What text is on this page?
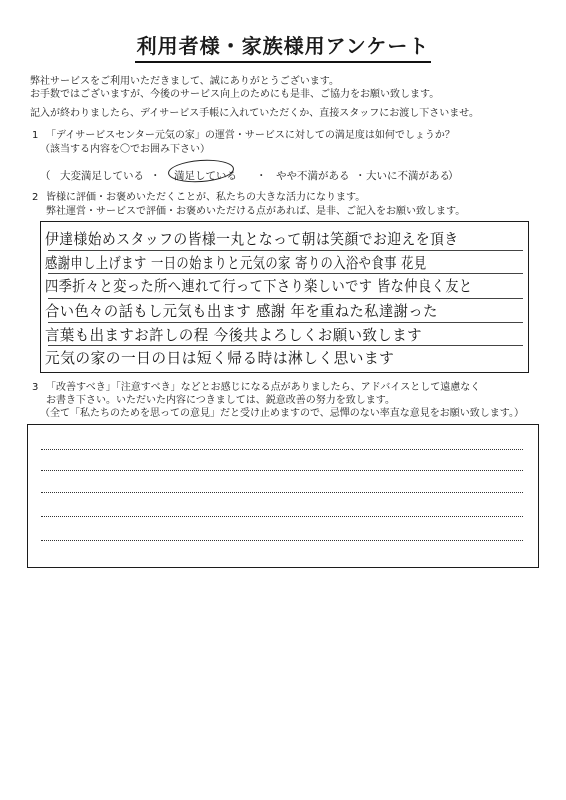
利用者様・家族様用アンケート
弊社サービスをご利用いただきまして、誠にありがとうございます。
お手数ではございますが、今後のサービス向上のためにも是非、ご協力をお願い致します。
記入が終わりましたら、デイサービス手帳に入れていただくか、直接スタッフにお渡し下さいませ。
1 「デイサービスセンター元気の家」の運営・サービスに対しての満足度は如何でしょうか？
（該当する内容を〇でお囲み下さい）
（ 大変満足している ・ 満足している ・ やや不満がある ・ 大いに不満がある
）
2 皆様に評価・お褒めいただくことが、私たちの大きな活力になります。
弊社運営・サービスで評価・お褒めいただける点があれば、是非、ご記入をお願い致します。
伊達様始めスタッフの皆様一丸となって朝は笑顔でお迎えを頂き
感謝申し上げます 一日の始まりと元気の家 寄りの入浴や食事 花見
四季折々と変った所へ連れて行って下さり楽しいです 皆な仲良く友と
合い色々の話もし元気も出ます 感謝 年を重ねた私達謝った
言葉も出ますお許しの程 今後共よろしくお願い致します
元気の家の一日の日は短く帰る時は淋しく思います
3 「改善すべき」「注意すべき」などとお感じになる点がありましたら、アドバイスとして遠慮なく
お書き下さい。いただいた内容につきましては、鋭意改善の努力を致します。
（全て「私たちのためを思っての意見」だと受け止めますので、忌憚のない率直な意見をお願い致します。）
